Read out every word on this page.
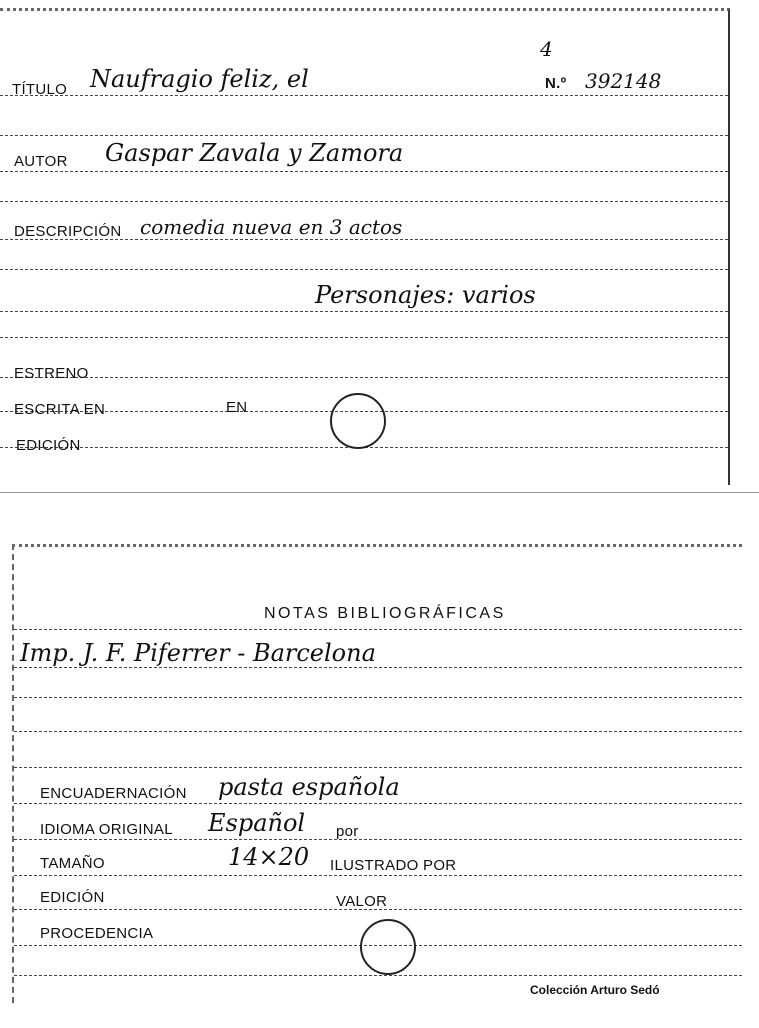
4
TÍTULO Naufragio feliz, el	N.º 392148
AUTOR Gaspar Zavala y Zamora
DESCRIPCIÓN comedia nueva en 3 actos
Personajes: varios
ESTRENO
ESCRITA EN	EN
EDICIÓN
NOTAS BIBLIOGRÁFICAS
Imp. J. F. Piferrer - Barcelona
ENCUADERNACIÓN pasta española
IDIOMA ORIGINAL Español por
TAMAÑO	14×20 ILUSTRADO POR
EDICIÓN	VALOR
PROCEDENCIA
Colección Arturo Sedó
